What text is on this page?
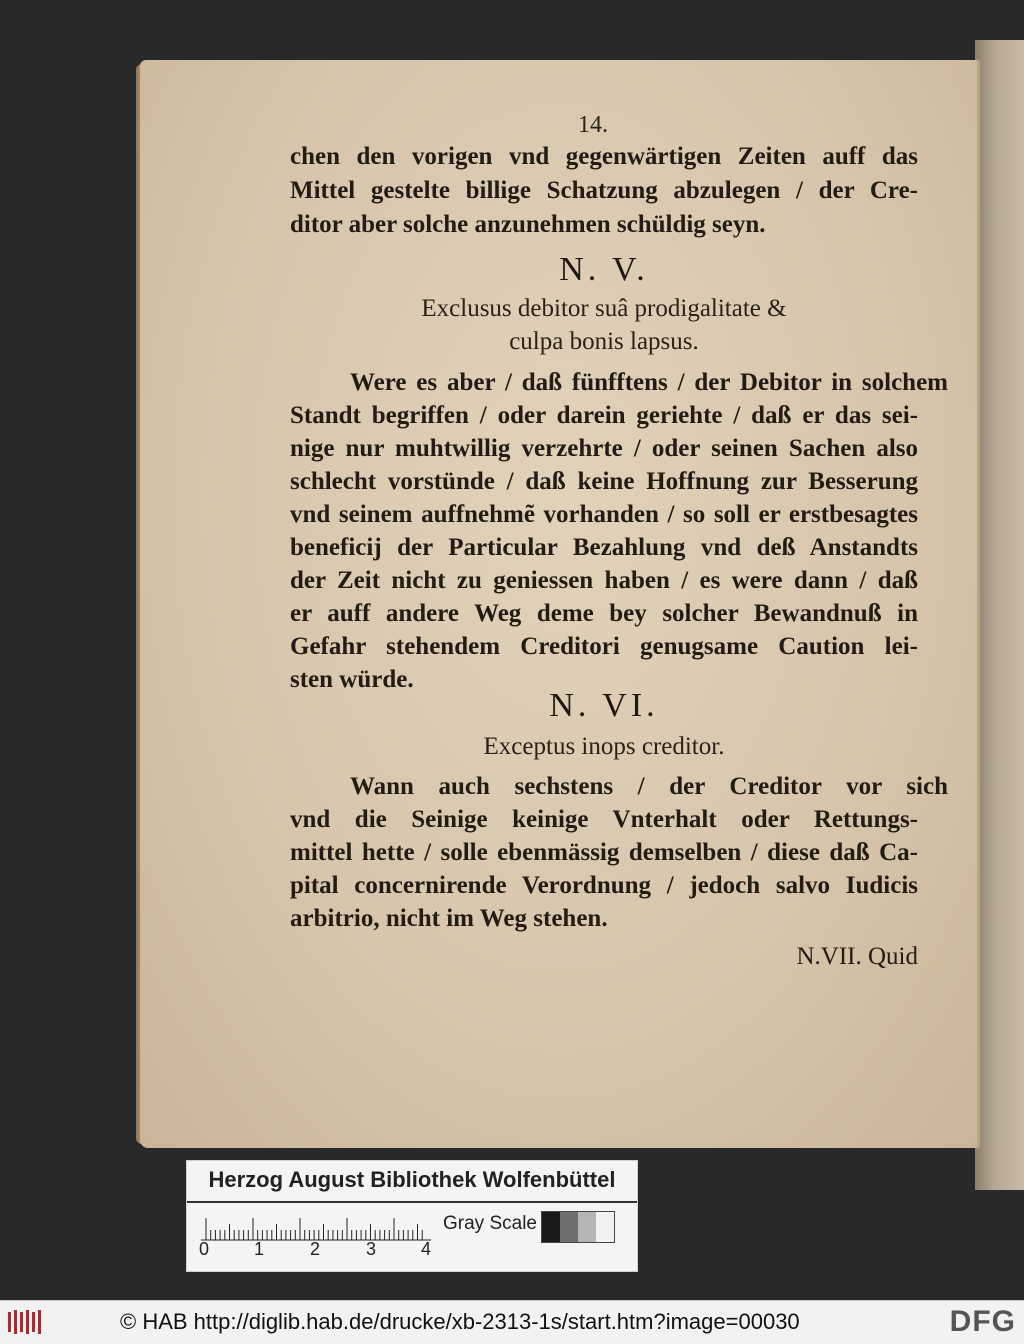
14.
chen den vorigen vnd gegenwärtigen Zeiten auff das
Mittel gestelte billige Schatzung abzulegen / der Cre-
ditor aber solche anzunehmen schüldig seyn.
N. V.
Exclusus debitor suâ prodigalitate &
culpa bonis lapsus.
Were es aber / daß fünfftens / der Debitor in solchem
Standt begriffen / oder darein geriehte / daß er das sei-
nige nur muhtwillig verzehrte / oder seinen Sachen also
schlecht vorstünde / daß keine Hoffnung zur Besserung
vnd seinem auffnehmẽ vorhanden / so soll er erstbesagtes
beneficij der Particular Bezahlung vnd deß Anstandts
der Zeit nicht zu geniessen haben / es were dann / daß
er auff andere Weg deme bey solcher Bewandnuß in
Gefahr stehendem Creditori genugsame Caution lei-
sten würde.
N. VI.
Exceptus inops creditor.
Wann auch sechstens / der Creditor vor sich
vnd die Seinige keinige Vnterhalt oder Rettungs-
mittel hette / solle ebenmässig demselben / diese daß Ca-
pital concernirende Verordnung / jedoch salvo Iudicis
arbitrio, nicht im Weg stehen.
N.VII. Quid
Herzog August Bibliothek Wolfenbüttel
0 1	2	3 4
Gray Scale
© HAB http://diglib.hab.de/drucke/xb-2313-1s/start.htm?image=00030	DFG
